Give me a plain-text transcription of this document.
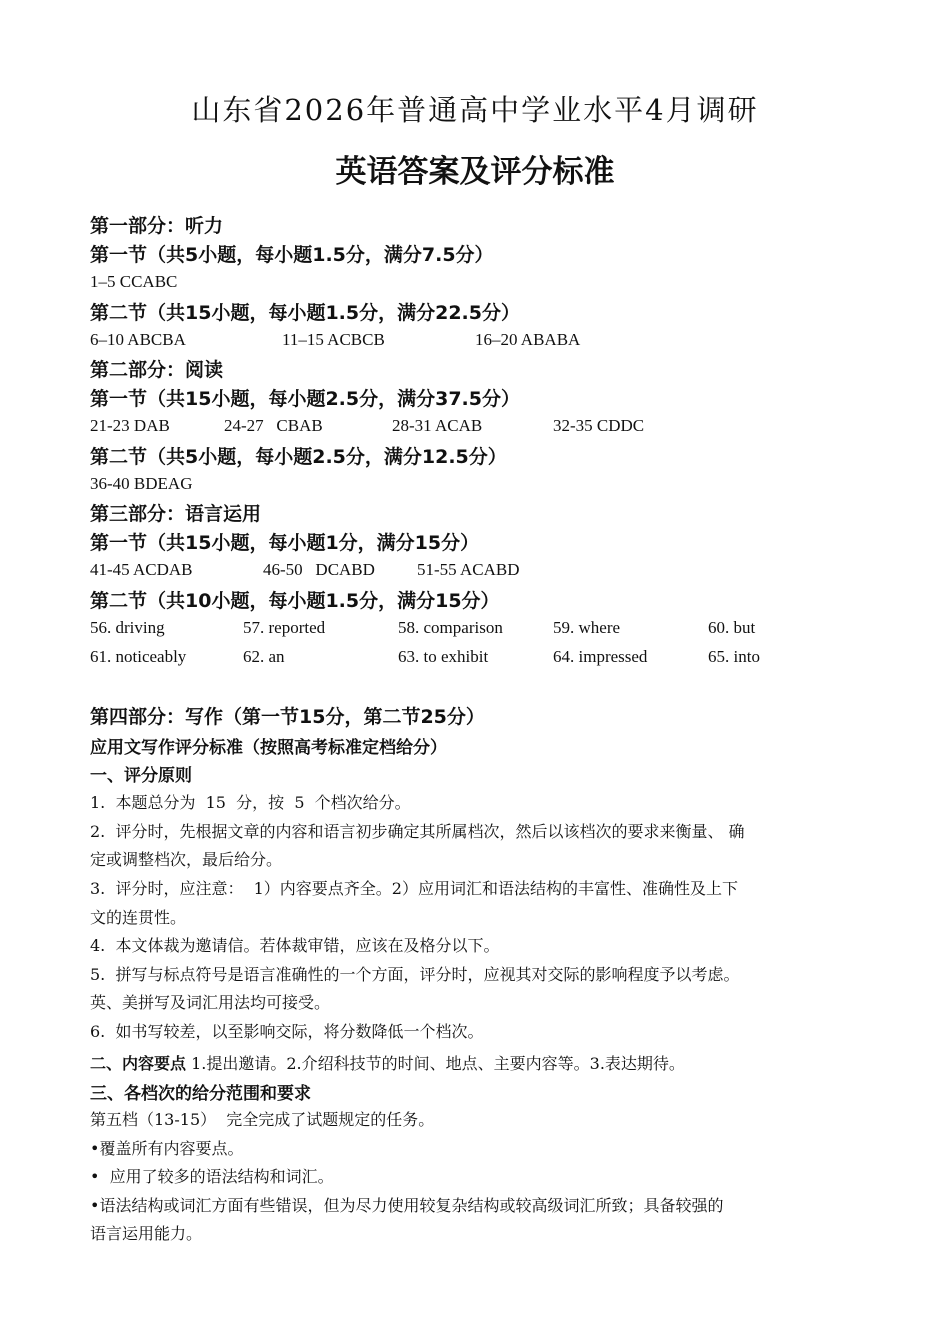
山东省2026年普通高中学业水平4月调研
英语答案及评分标准
第一部分：听力
第一节（共5小题，每小题1.5分，满分7.5分）
1–5 CCABC
第二节（共15小题，每小题1.5分，满分22.5分）
6–10 ABCBA	11–15 ACBCB	16–20 ABABA
第二部分：阅读
第一节（共15小题，每小题2.5分，满分37.5分）
21-23 DAB	24-27   CBAB	28-31 ACAB	32-35 CDDC
第二节（共5小题，每小题2.5分，满分12.5分）
36-40 BDEAG
第三部分：语言运用
第一节（共15小题，每小题1分，满分15分）
41-45 ACDAB	46-50   DCABD 51-55 ACABD
第二节（共10小题，每小题1.5分，满分15分）
56. driving	57. reported	58. comparison	59. where	60. but
61. noticeably	62. an	63. to exhibit	64. impressed	65. into
第四部分：写作（第一节15分，第二节25分）
应用文写作评分标准（按照高考标准定档给分）
一、评分原则
1.  本题总分为  15  分，按  5  个档次给分。
2.  评分时，先根据文章的内容和语言初步确定其所属档次，然后以该档次的要求来衡量、 确
定或调整档次，最后给分。
3.  评分时，应注意：  1）内容要点齐全。2）应用词汇和语法结构的丰富性、准确性及上下
文的连贯性。
4.  本文体裁为邀请信。若体裁审错，应该在及格分以下。
5.  拼写与标点符号是语言准确性的一个方面，评分时，应视其对交际的影响程度予以考虑。
英、美拼写及词汇用法均可接受。
6.  如书写较差，以至影响交际，将分数降低一个档次。
二、内容要点 1.提出邀请。2.介绍科技节的时间、地点、主要内容等。3.表达期待。
三、各档次的给分范围和要求
第五档（13-15）  完全完成了试题规定的任务。
•覆盖所有内容要点。
•  应用了较多的语法结构和词汇。
•语法结构或词汇方面有些错误，但为尽力使用较复杂结构或较高级词汇所致；具备较强的
语言运用能力。
